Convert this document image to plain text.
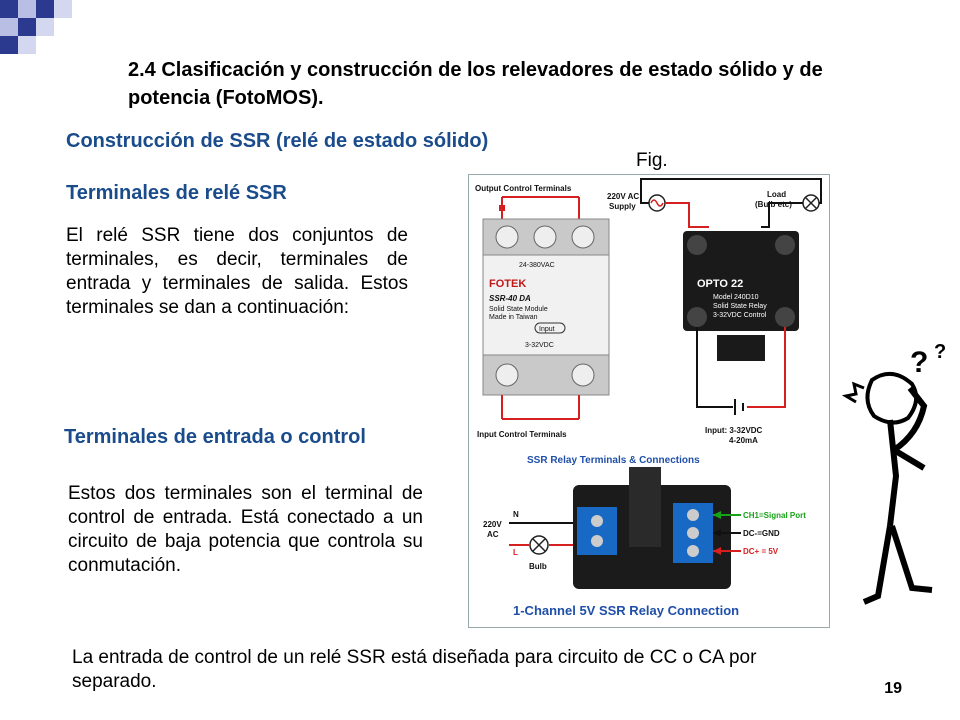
2.4 Clasificación y construcción de los relevadores de estado sólido y de potencia (FotoMOS).
Construcción de SSR (relé de estado sólido)
Fig.
Terminales de relé SSR
El relé SSR tiene dos conjuntos de terminales, es decir, terminales de entrada y terminales de salida. Estos terminales se dan a continuación:
Terminales de entrada o control
Estos dos terminales son el terminal de control de entrada. Está conectado a un circuito de baja potencia que controla su conmutación.
La entrada de control de un relé SSR está diseñada para circuito de CC o CA por separado.
Output Control Terminals
24-380VAC
FOTEK
SSR-40 DA
Solid State Module
Made in Taiwan
Input
3-32VDC
Input Control Terminals
220V AC
Supply
Load
(Bulb etc)
OPTO 22
Model 240D10
Solid State Relay
3-32VDC Control
Input: 3-32VDC
4-20mA
SSR Relay Terminals & Connections
220V
AC
N
L
Bulb
CH1=Signal Port
DC-=GND
DC+ = 5V
1-Channel 5V SSR Relay Connection
? ?
19
